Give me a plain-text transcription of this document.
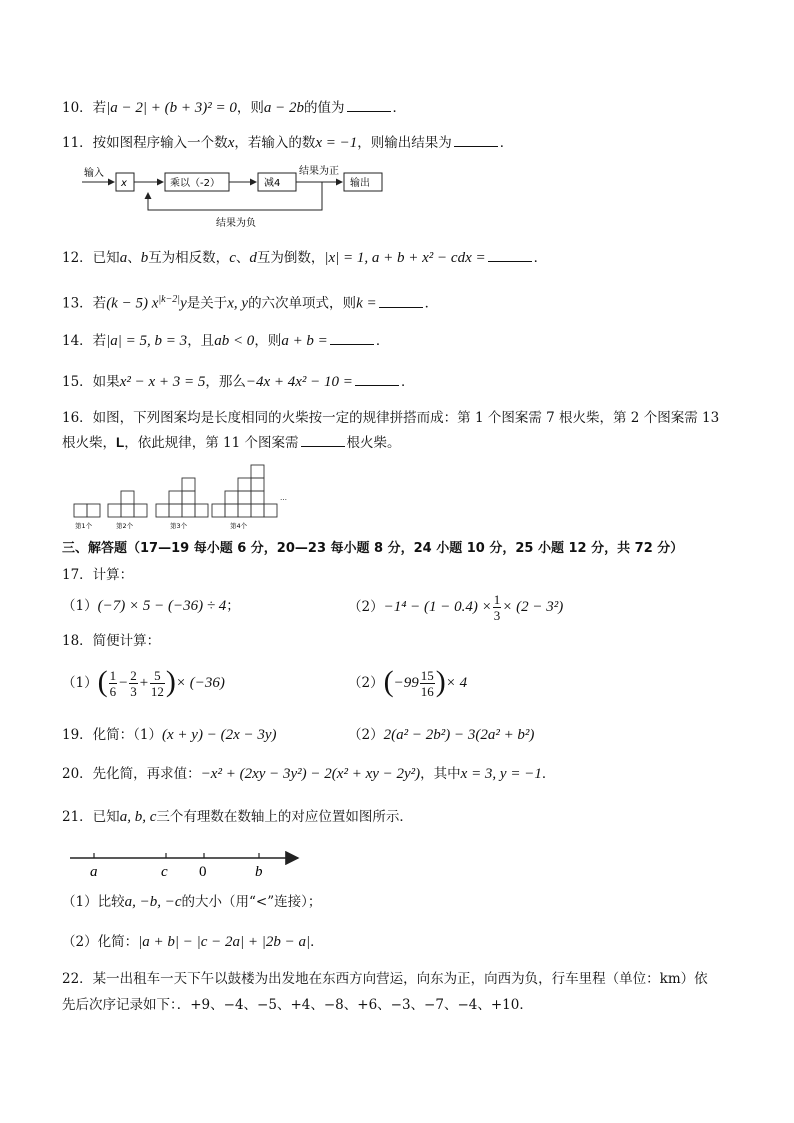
10．若|a − 2| + (b + 3)² = 0，则a − 2b的值为	．
11．按如图程序输入一个数x，若输入的数x = −1，则输出结果为	．
输入
x	乘以（-2）	减4
结果为正
输出
结果为负
12．已知a、b互为相反数，c、d互为倒数，|x| = 1, a + b + x² − cdx =	．
13．若(k − 5) $x^{|k-2|}y$是关于x, y的六次单项式，则k =	．
14．若|a| = 5, b = 3，且ab < 0，则a + b =	．
15．如果x² − x + 3 = 5，那么−4x + 4x² − 10 =	．
16．如图，下列图案均是长度相同的火柴按一定的规律拼搭而成：第 1 个图案需 7 根火柴，第 2 个图案需 13
根火柴，L，依此规律，第 11 个图案需	根火柴。
第1个	第2个	第3个	第4个
…
三、解答题（17—19 每小题 6 分，20—23 每小题 8 分，24 小题 10 分，25 小题 12 分，共 72 分）
17．计算：
（1）(−7) × 5 − (−36) ÷ 4；	$(2)-1^4 - (1 - 0.4) \times \frac{1}{3} \times (2 - 3^2)$
18．简便计算：
$(1)( \frac{1}{6} - \frac{2}{3} + \frac{5}{12}$ )× (−36)	$(2)(-99 \frac{15}{16}$ )× 4
19．化简：（1）(x + y) − (2x − 3y)	（2）2(a² − 2b²) − 3(2a² + b²)
20．先化简，再求值：−x² + (2xy − 3y²) − 2(x² + xy − 2y²)，其中x = 3, y = −1．
21．已知a, b, c三个有理数在数轴上的对应位置如图所示．
a	c 0	b
（1）比较a, −b, −c的大小（用“<”连接）；
（2）化简：|a + b| − |c − 2a| + |2b − a|．
22．某一出租车一天下午以鼓楼为出发地在东西方向营运，向东为正，向西为负，行车里程（单位：km）依
先后次序记录如下：．+9、−4、−5、+4、−8、+6、−3、−7、−4、+10．
